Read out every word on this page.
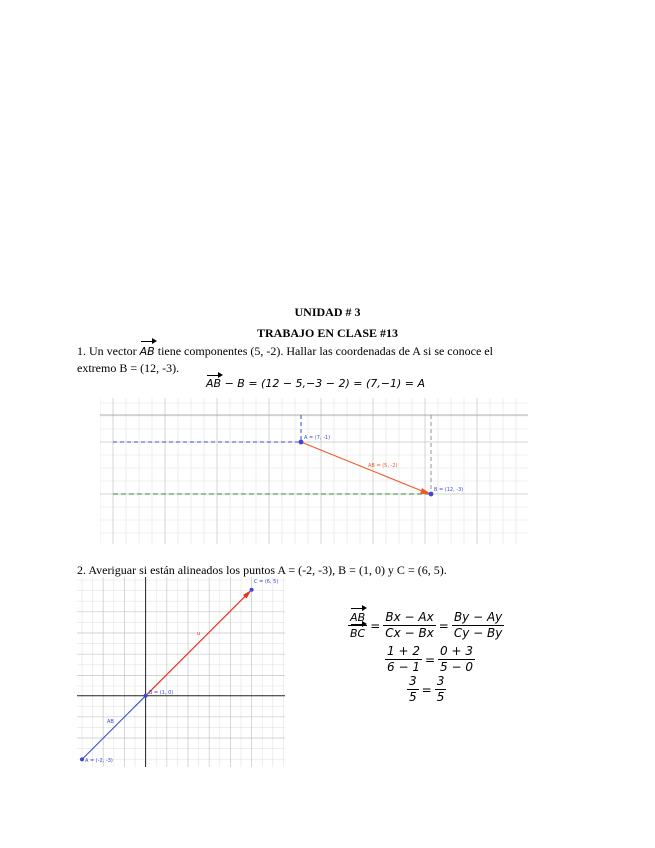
UNIDAD # 3
TRABAJO EN CLASE #13
1. Un vector AB tiene componentes (5, -2). Hallar las coordenadas de A si se conoce el
extremo B = (12, -3).
AB − B = (12 − 5,−3 − 2) = (7,−1) = A
A = (7, -1)
B = (12, -3)
AB = (5, -2)
2. Averiguar si están alineados los puntos A = (-2, -3), B = (1, 0) y C = (6, 5).
C = (6, 5)
B = (1, 0)
A = (-2, -3)
u
AB
$\frac{AB}{BC} = \frac{Bx - Ax}{Cx - Bx} = \frac{By - Ay}{Cy - By}$
$\frac{1 + 2}{6 - 1} = \frac{0 + 3}{5 - 0}$
$\frac{3}{5} = \frac{3}{5}$
